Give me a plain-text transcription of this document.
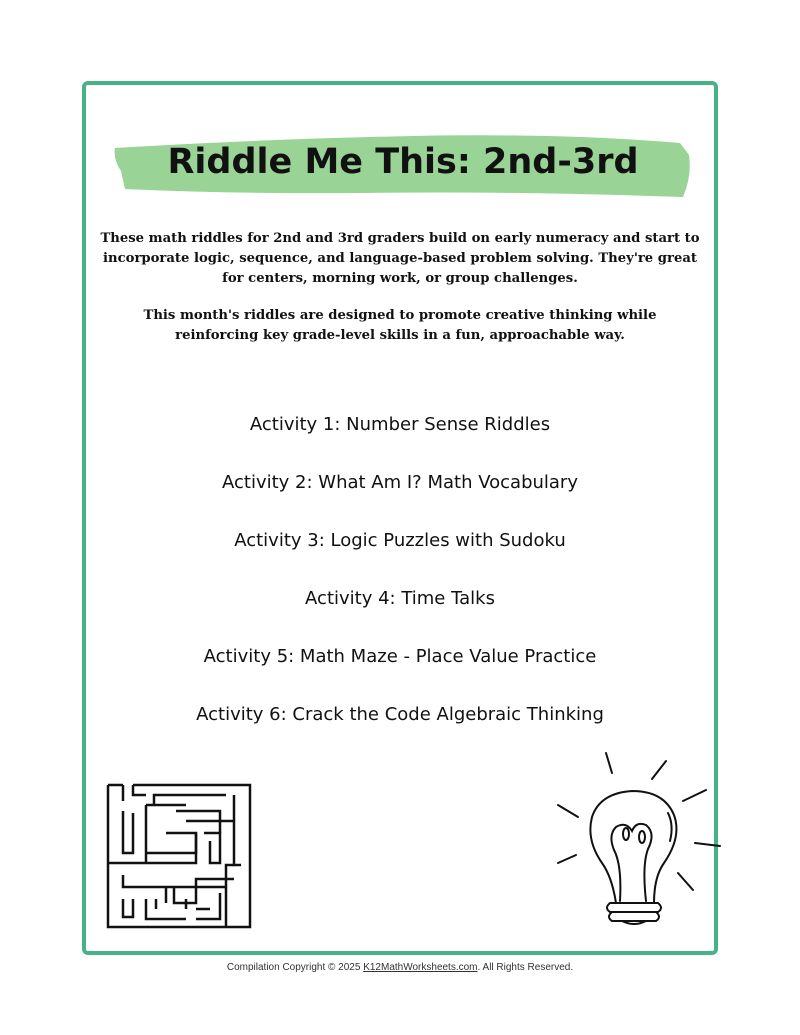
Riddle Me This: 2nd-3rd

These math riddles for 2nd and 3rd graders build on early numeracy and start to incorporate logic, sequence, and language-based problem solving. They're great for centers, morning work, or group challenges.

This month's riddles are designed to promote creative thinking while reinforcing key grade-level skills in a fun, approachable way.

Activity 1: Number Sense Riddles
Activity 2: What Am I? Math Vocabulary
Activity 3: Logic Puzzles with Sudoku
Activity 4: Time Talks
Activity 5: Math Maze - Place Value Practice
Activity 6: Crack the Code Algebraic Thinking
Compilation Copyright © 2025 K12MathWorksheets.com. All Rights Reserved.
